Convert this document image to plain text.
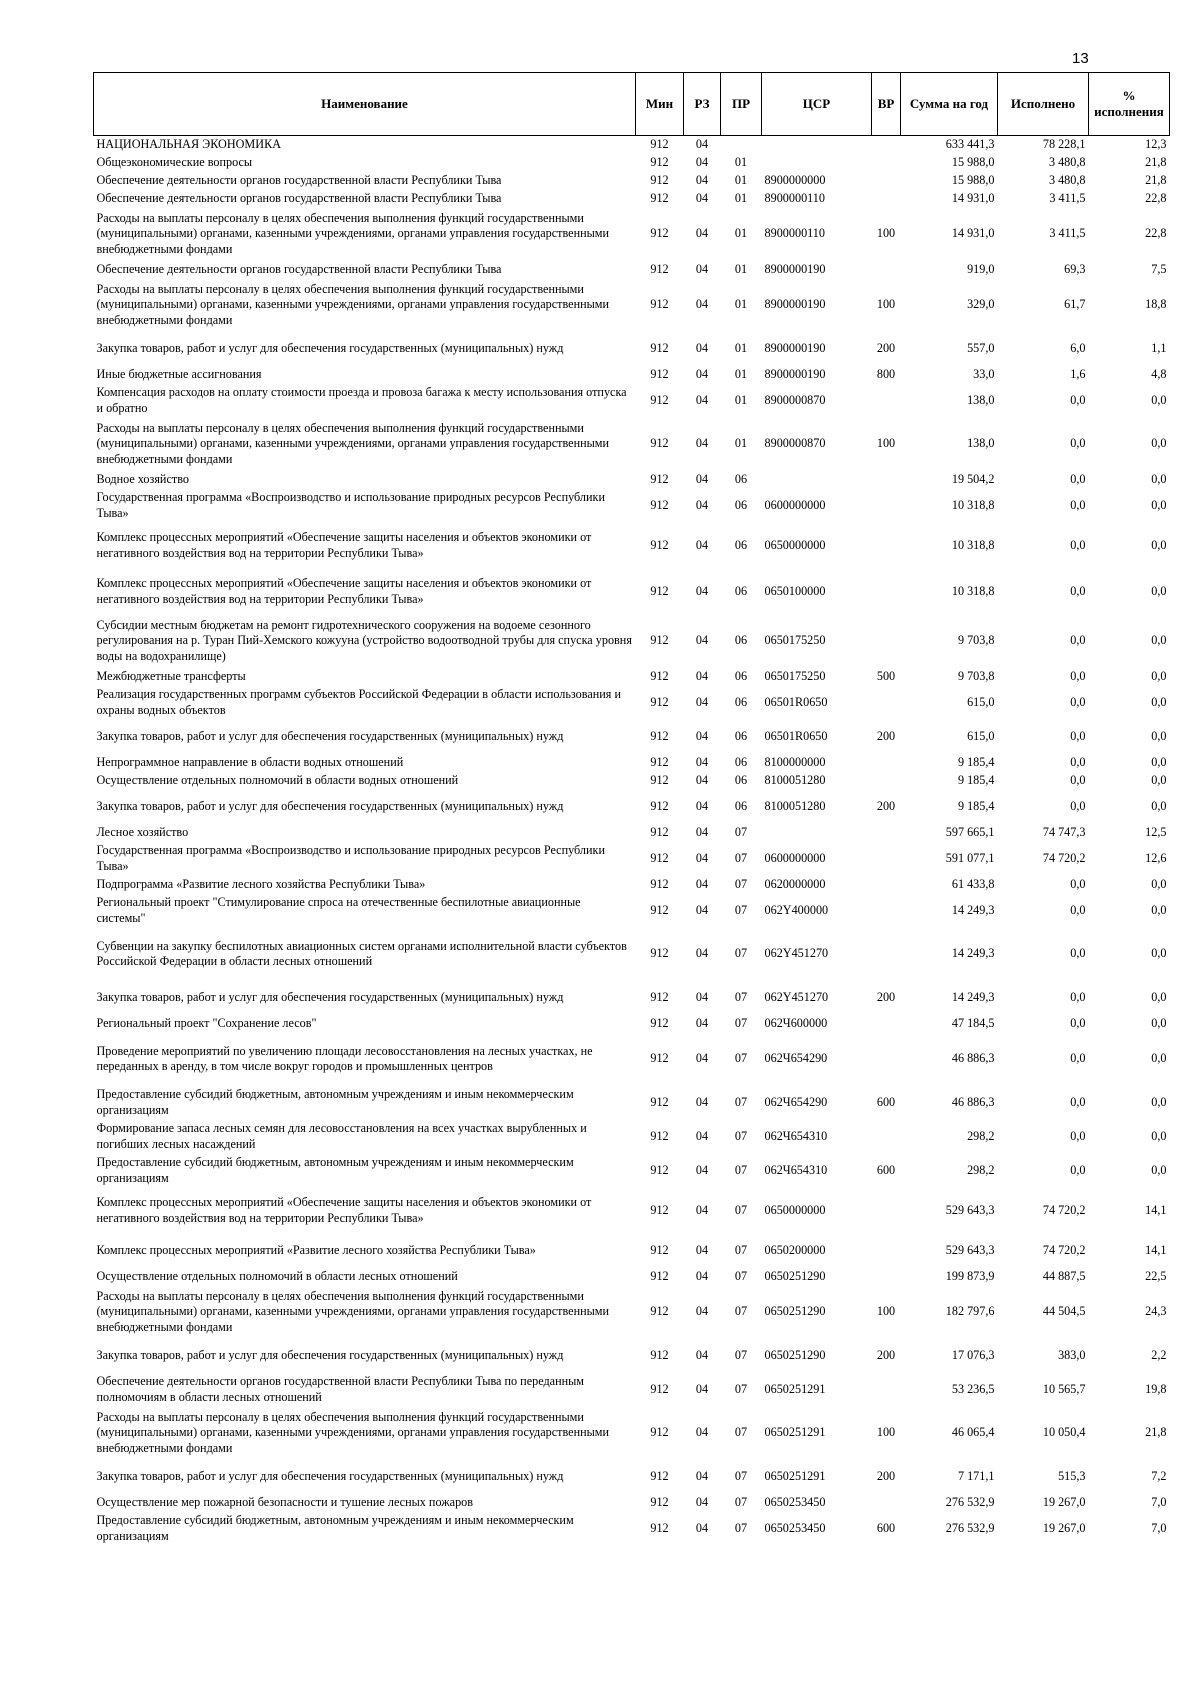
13
Наименование	Мин	РЗ	ПР	ЦСР	ВР	Сумма на год	Исполнено	% исполнения
НАЦИОНАЛЬНАЯ ЭКОНОМИКА	912	04				633 441,3	78 228,1	12,3
Общеэкономические вопросы	912	04	01			15 988,0	3 480,8	21,8
Обеспечение деятельности органов государственной власти Республики Тыва	912	04	01	8900000000		15 988,0	3 480,8	21,8
Обеспечение деятельности органов государственной власти Республики Тыва	912	04	01	8900000110		14 931,0	3 411,5	22,8
Расходы на выплаты персоналу в целях обеспечения выполнения функций государственными (муниципальными) органами, казенными учреждениями, органами управления государственными внебюджетными фондами	912	04	01	8900000110	100	14 931,0	3 411,5	22,8
Обеспечение деятельности органов государственной власти Республики Тыва	912	04	01	8900000190		919,0	69,3	7,5
Расходы на выплаты персоналу в целях обеспечения выполнения функций государственными (муниципальными) органами, казенными учреждениями, органами управления государственными внебюджетными фондами	912	04	01	8900000190	100	329,0	61,7	18,8
Закупка товаров, работ и услуг для обеспечения государственных (муниципальных) нужд	912	04	01	8900000190	200	557,0	6,0	1,1
Иные бюджетные ассигнования	912	04	01	8900000190	800	33,0	1,6	4,8
Компенсация расходов на оплату стоимости проезда и провоза багажа к месту использования отпуска и обратно	912	04	01	8900000870		138,0	0,0	0,0
Расходы на выплаты персоналу в целях обеспечения выполнения функций государственными (муниципальными) органами, казенными учреждениями, органами управления государственными внебюджетными фондами	912	04	01	8900000870	100	138,0	0,0	0,0
Водное хозяйство	912	04	06			19 504,2	0,0	0,0
Государственная программа «Воспроизводство и использование природных ресурсов Республики Тыва»	912	04	06	0600000000		10 318,8	0,0	0,0
Комплекс процессных мероприятий «Обеспечение защиты населения и объектов экономики от негативного воздействия вод на территории Республики Тыва»	912	04	06	0650000000		10 318,8	0,0	0,0
Комплекс процессных мероприятий «Обеспечение защиты населения и объектов экономики от негативного воздействия вод на территории Республики Тыва»	912	04	06	0650100000		10 318,8	0,0	0,0
Субсидии местным бюджетам на ремонт гидротехнического сооружения на водоеме сезонного регулирования на р. Туран Пий-Хемского кожууна (устройство водоотводной трубы для спуска уровня воды на водохранилище)	912	04	06	0650175250		9 703,8	0,0	0,0
Межбюджетные трансферты	912	04	06	0650175250	500	9 703,8	0,0	0,0
Реализация государственных программ субъектов Российской Федерации в области использования и охраны водных объектов	912	04	06	06501R0650		615,0	0,0	0,0
Закупка товаров, работ и услуг для обеспечения государственных (муниципальных) нужд	912	04	06	06501R0650	200	615,0	0,0	0,0
Непрограммное направление в области водных отношений	912	04	06	8100000000		9 185,4	0,0	0,0
Осуществление отдельных полномочий в области водных отношений	912	04	06	8100051280		9 185,4	0,0	0,0
Закупка товаров, работ и услуг для обеспечения государственных (муниципальных) нужд	912	04	06	8100051280	200	9 185,4	0,0	0,0
Лесное хозяйство	912	04	07			597 665,1	74 747,3	12,5
Государственная программа «Воспроизводство и использование природных ресурсов Республики Тыва»	912	04	07	0600000000		591 077,1	74 720,2	12,6
Подпрограмма «Развитие лесного хозяйства Республики Тыва»	912	04	07	0620000000		61 433,8	0,0	0,0
Региональный проект "Стимулирование спроса на отечественные беспилотные авиационные системы"	912	04	07	062Y400000		14 249,3	0,0	0,0
Субвенции на закупку беспилотных авиационных систем органами исполнительной власти субъектов Российской Федерации в области лесных отношений	912	04	07	062Y451270		14 249,3	0,0	0,0
Закупка товаров, работ и услуг для обеспечения государственных (муниципальных) нужд	912	04	07	062Y451270	200	14 249,3	0,0	0,0
Региональный проект "Сохранение лесов"	912	04	07	062Ч600000		47 184,5	0,0	0,0
Проведение мероприятий по увеличению площади лесовосстановления на лесных участках, не переданных в аренду, в том числе вокруг городов и промышленных центров	912	04	07	062Ч654290		46 886,3	0,0	0,0
Предоставление субсидий бюджетным, автономным учреждениям и иным некоммерческим организациям	912	04	07	062Ч654290	600	46 886,3	0,0	0,0
Формирование запаса лесных семян для лесовосстановления на всех участках вырубленных и погибших лесных насаждений	912	04	07	062Ч654310		298,2	0,0	0,0
Предоставление субсидий бюджетным, автономным учреждениям и иным некоммерческим организациям	912	04	07	062Ч654310	600	298,2	0,0	0,0
Комплекс процессных мероприятий «Обеспечение защиты населения и объектов экономики от негативного воздействия вод на территории Республики Тыва»	912	04	07	0650000000		529 643,3	74 720,2	14,1
Комплекс процессных мероприятий «Развитие лесного хозяйства Республики Тыва»	912	04	07	0650200000		529 643,3	74 720,2	14,1
Осуществление отдельных полномочий в области лесных отношений	912	04	07	0650251290		199 873,9	44 887,5	22,5
Расходы на выплаты персоналу в целях обеспечения выполнения функций государственными (муниципальными) органами, казенными учреждениями, органами управления государственными внебюджетными фондами	912	04	07	0650251290	100	182 797,6	44 504,5	24,3
Закупка товаров, работ и услуг для обеспечения государственных (муниципальных) нужд	912	04	07	0650251290	200	17 076,3	383,0	2,2
Обеспечение деятельности органов государственной власти Республики Тыва по переданным полномочиям в области лесных отношений	912	04	07	0650251291		53 236,5	10 565,7	19,8
Расходы на выплаты персоналу в целях обеспечения выполнения функций государственными (муниципальными) органами, казенными учреждениями, органами управления государственными внебюджетными фондами	912	04	07	0650251291	100	46 065,4	10 050,4	21,8
Закупка товаров, работ и услуг для обеспечения государственных (муниципальных) нужд	912	04	07	0650251291	200	7 171,1	515,3	7,2
Осуществление мер пожарной безопасности и тушение лесных пожаров	912	04	07	0650253450		276 532,9	19 267,0	7,0
Предоставление субсидий бюджетным, автономным учреждениям и иным некоммерческим организациям	912	04	07	0650253450	600	276 532,9	19 267,0	7,0
